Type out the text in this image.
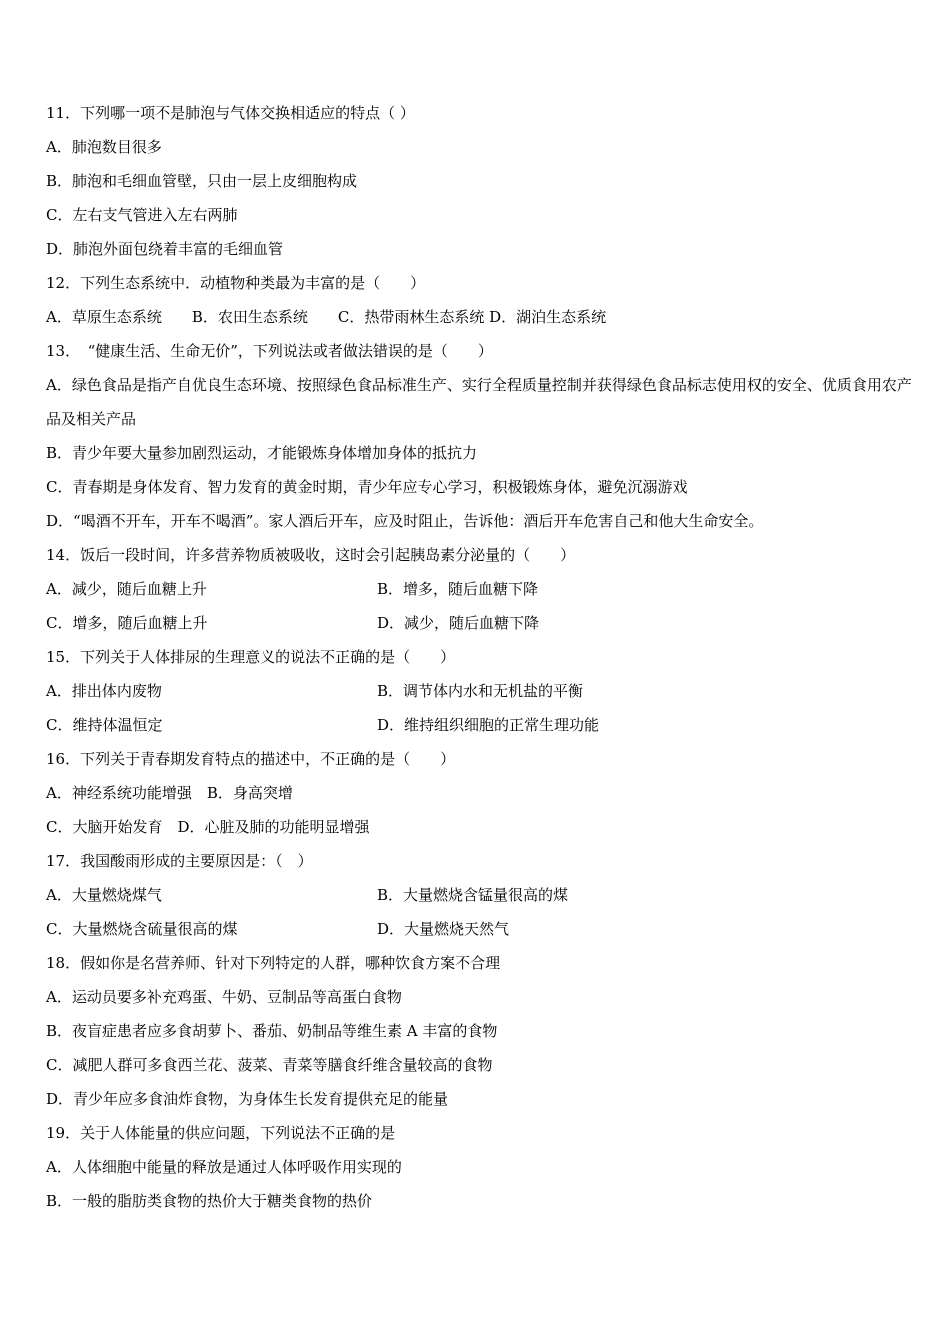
11．下列哪一项不是肺泡与气体交换相适应的特点（ ）
A．肺泡数目很多
B．肺泡和毛细血管壁，只由一层上皮细胞构成
C．左右支气管进入左右两肺
D．肺泡外面包绕着丰富的毛细血管
12．下列生态系统中．动植物种类最为丰富的是（　　）
A．草原生态系统　　B．农田生态系统　　C．热带雨林生态系统 D．湖泊生态系统
13．　“健康生活、生命无价”，下列说法或者做法错误的是（　　）
A．绿色食品是指产自优良生态环境、按照绿色食品标准生产、实行全程质量控制并获得绿色食品标志使用权的安全、优质食用农产品及相关产品
B．青少年要大量参加剧烈运动，才能锻炼身体增加身体的抵抗力
C．青春期是身体发育、智力发育的黄金时期，青少年应专心学习，积极锻炼身体，避免沉溺游戏
D．“喝酒不开车，开车不喝酒”。家人酒后开车，应及时阻止，告诉他：酒后开车危害自己和他大生命安全。
14．饭后一段时间，许多营养物质被吸收，这时会引起胰岛素分泌量的（　　）
A．减少，随后血糖上升	B．增多，随后血糖下降
C．增多，随后血糖上升	D．减少，随后血糖下降
15．下列关于人体排尿的生理意义的说法不正确的是（　　）
A．排出体内废物	B．调节体内水和无机盐的平衡
C．维持体温恒定	D．维持组织细胞的正常生理功能
16．下列关于青春期发育特点的描述中，不正确的是（　　）
A．神经系统功能增强　B．身高突增
C．大脑开始发育　D．心脏及肺的功能明显增强
17．我国酸雨形成的主要原因是：（　）
A．大量燃烧煤气	B．大量燃烧含锰量很高的煤
C．大量燃烧含硫量很高的煤	D．大量燃烧天然气
18．假如你是名营养师、针对下列特定的人群，哪种饮食方案不合理
A．运动员要多补充鸡蛋、牛奶、豆制品等高蛋白食物
B．夜盲症患者应多食胡萝卜、番茄、奶制品等维生素 A 丰富的食物
C．减肥人群可多食西兰花、菠菜、青菜等膳食纤维含量较高的食物
D．青少年应多食油炸食物，为身体生长发育提供充足的能量
19．关于人体能量的供应问题，下列说法不正确的是
A．人体细胞中能量的释放是通过人体呼吸作用实现的
B．一般的脂肪类食物的热价大于糖类食物的热价
